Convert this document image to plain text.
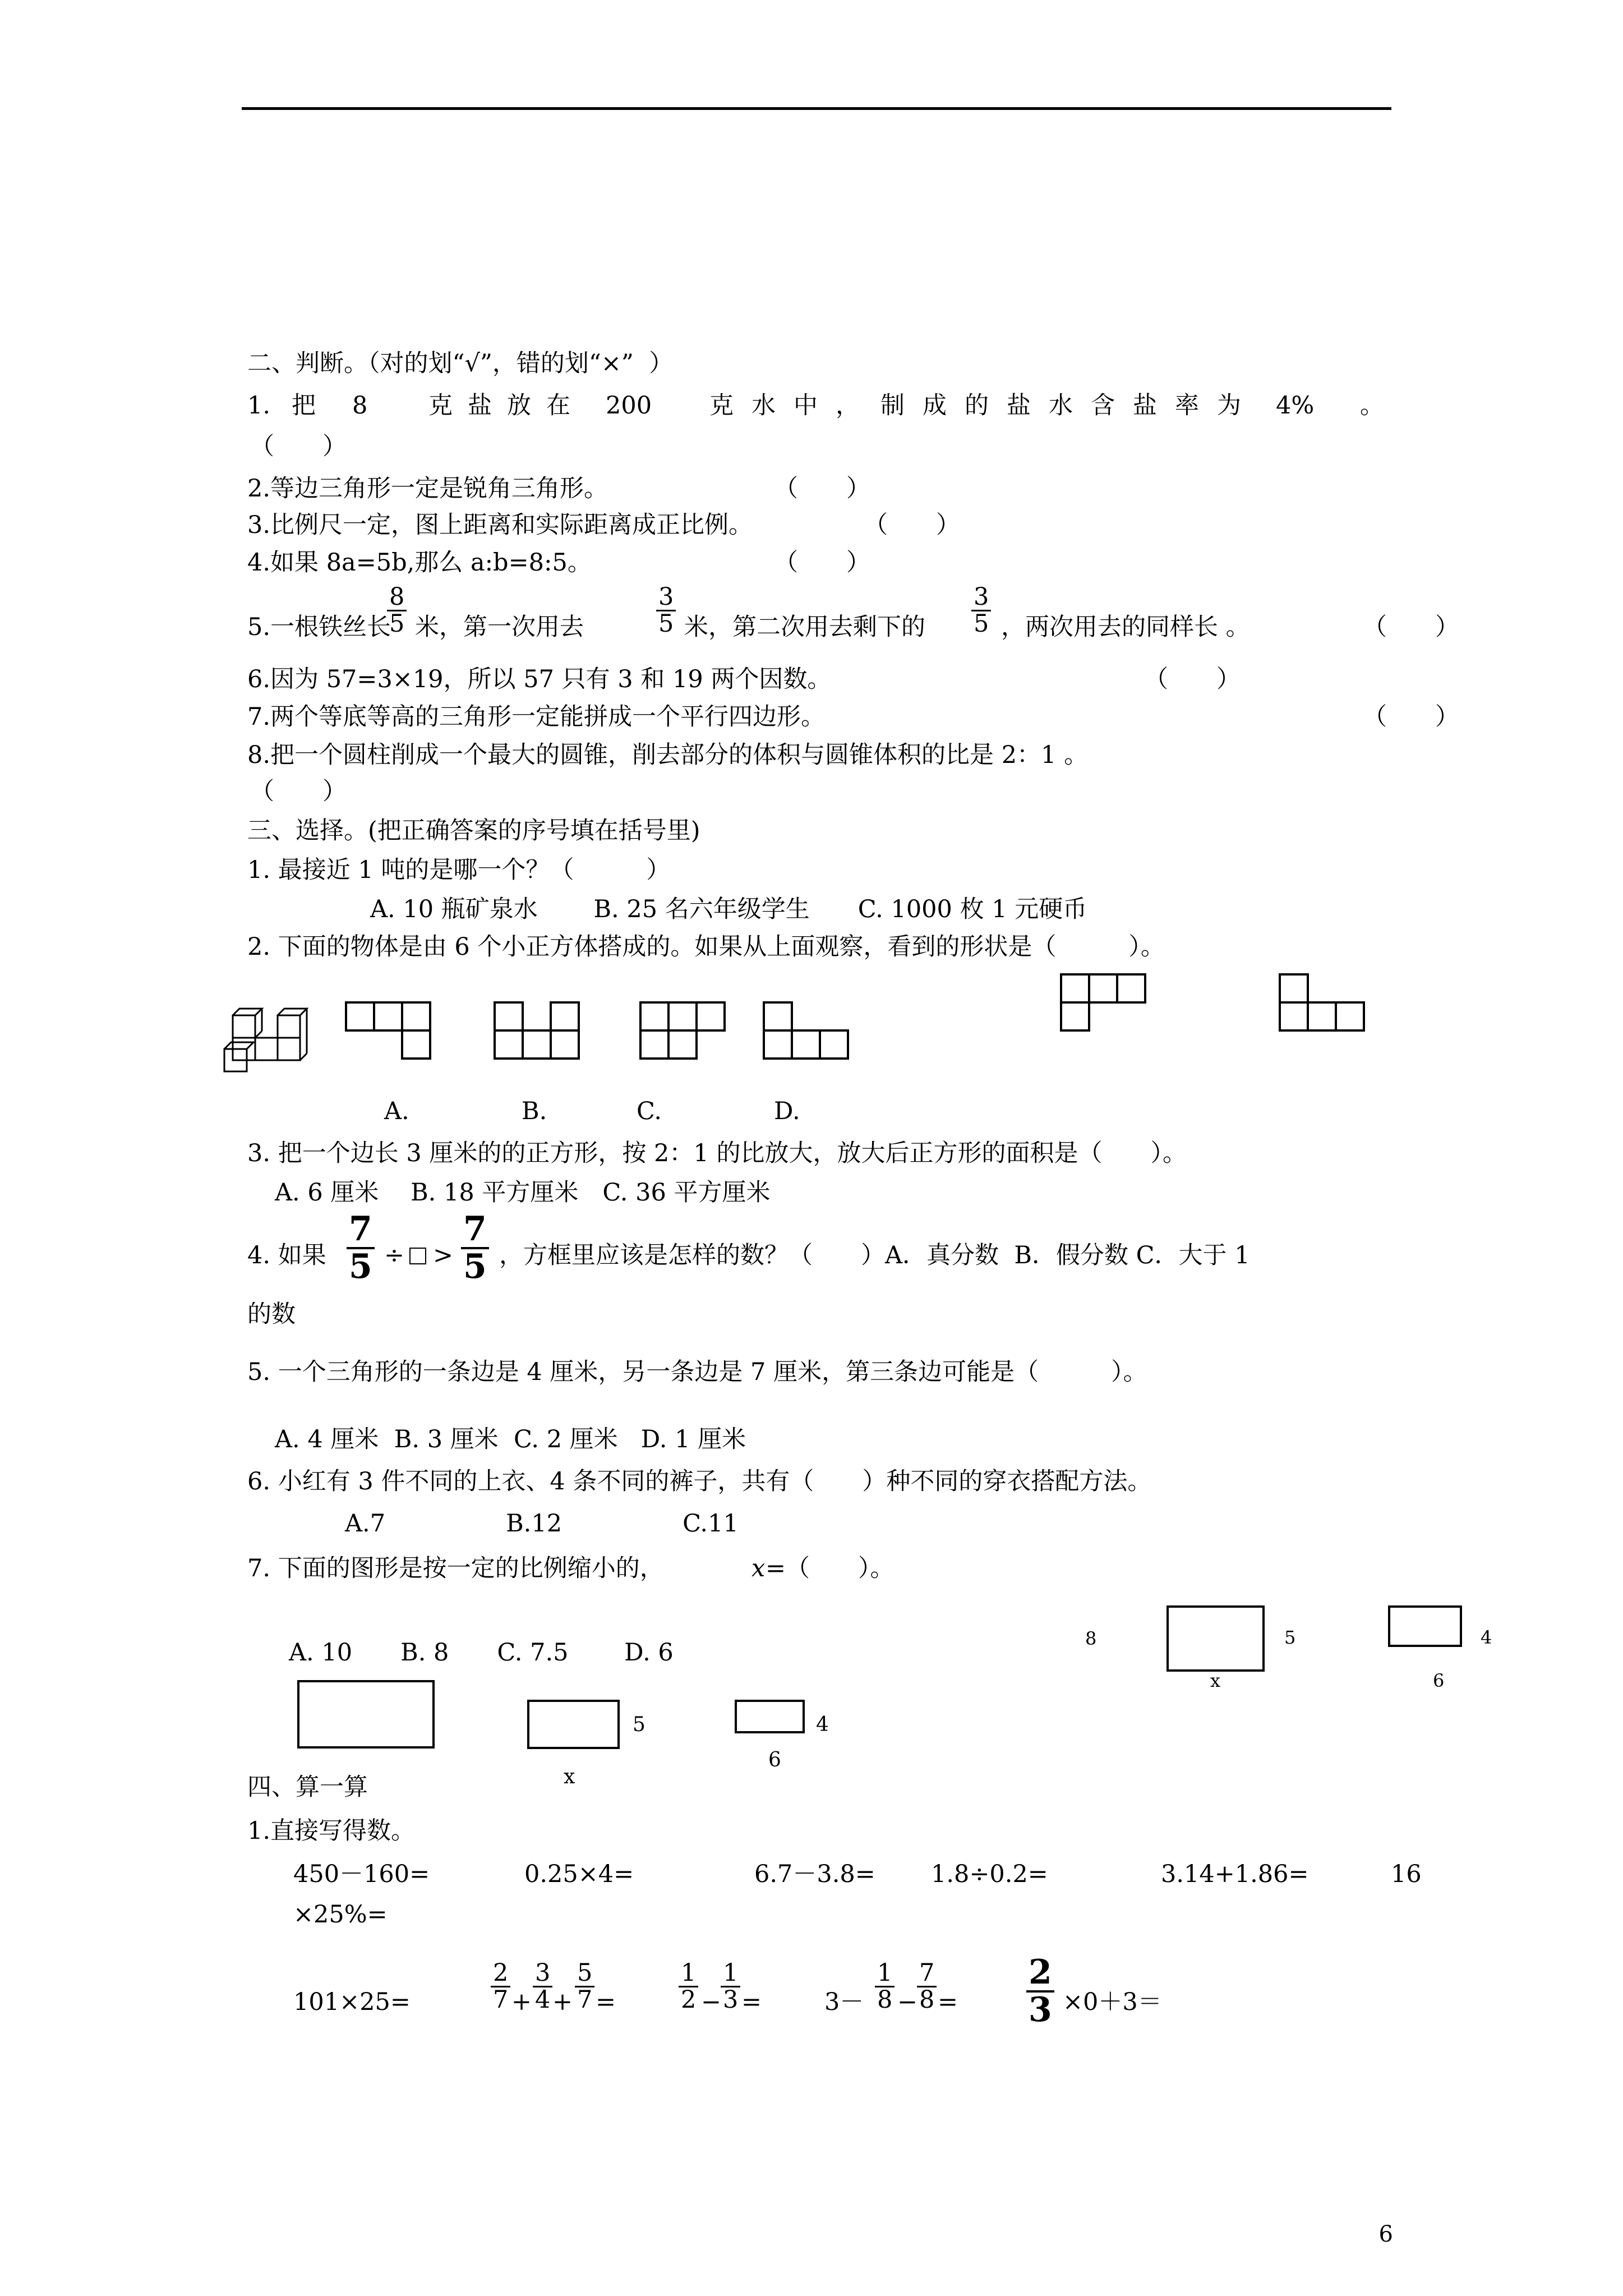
二、判断。（对的划“√”，错的划“×”  ）
1. 把 8	克 盐 放 在 200 克 水 中 ， 制 成 的 盐 水 含 盐 率 为 4% 。
（　　）
2.等边三角形一定是锐角三角形。	（　　）
3.比例尺一定，图上距离和实际距离成正比例。	（　　）
4.如果 8a=5b,那么 a:b=8:5。	（　　）
5.一根铁丝长
$\frac{8}{5}$ 米，第一次用去	$\frac{3}{5}$ 米，第二次用去剩下的 $\frac{3}{5}$ ，两次用去的同样长 。	（　　）
6.因为 57=3×19，所以 57 只有 3 和 19 两个因数。	（　　）
7.两个等底等高的三角形一定能拼成一个平行四边形。	（　　）
8.把一个圆柱削成一个最大的圆锥，削去部分的体积与圆锥体积的比是 2：1 。
（　　）
三、选择。(把正确答案的序号填在括号里)
1. 最接近 1 吨的是哪一个？（　　　）
A. 10 瓶矿泉水　　 B. 25 名六年级学生　　C. 1000 枚 1 元硬币
2. 下面的物体是由 6 个小正方体搭成的。如果从上面观察，看到的形状是（　　　）。
A.	B.	C.	D.
3. 把一个边长 3 厘米的的正方形，按 2：1 的比放大，放大后正方形的面积是（　　）。
A. 6 厘米　 B. 18 平方厘米　C. 36 平方厘米
4. 如果 $\frac{7}{5}$ ÷ > $\frac{7}{5}$ ，方框里应该是怎样的数？（　　）A．真分数  B．假分数 C．大于 1
的数
5. 一个三角形的一条边是 4 厘米，另一条边是 7 厘米，第三条边可能是（　　　）。
A. 4 厘米  B. 3 厘米  C. 2 厘米   D. 1 厘米
6. 小红有 3 件不同的上衣、4 条不同的裤子，共有（　　）种不同的穿衣搭配方法。
A.7　　　　　B.12　　　　　C.11
7. 下面的图形是按一定的比例缩小的，	x =（　　）。
A. 10　　B. 8　　C. 7.5　　 D. 6	8	5
x
4
6
5
x
4
6
四、算一算
1.直接写得数。
450－160=	0.25×4=	6.7－3.8= 1.8÷0.2=	3.14+1.86=	16
×25%=
101×25=	$\frac{2}{7} + \frac{3}{4} + \frac{5}{7}$ =	$\frac{1}{2}$ −
$\frac{1}{3}$ =	$3- \frac{1}{8}$ −
$\frac{7}{8} = \frac{2}{3} \times 0+3=$
6
